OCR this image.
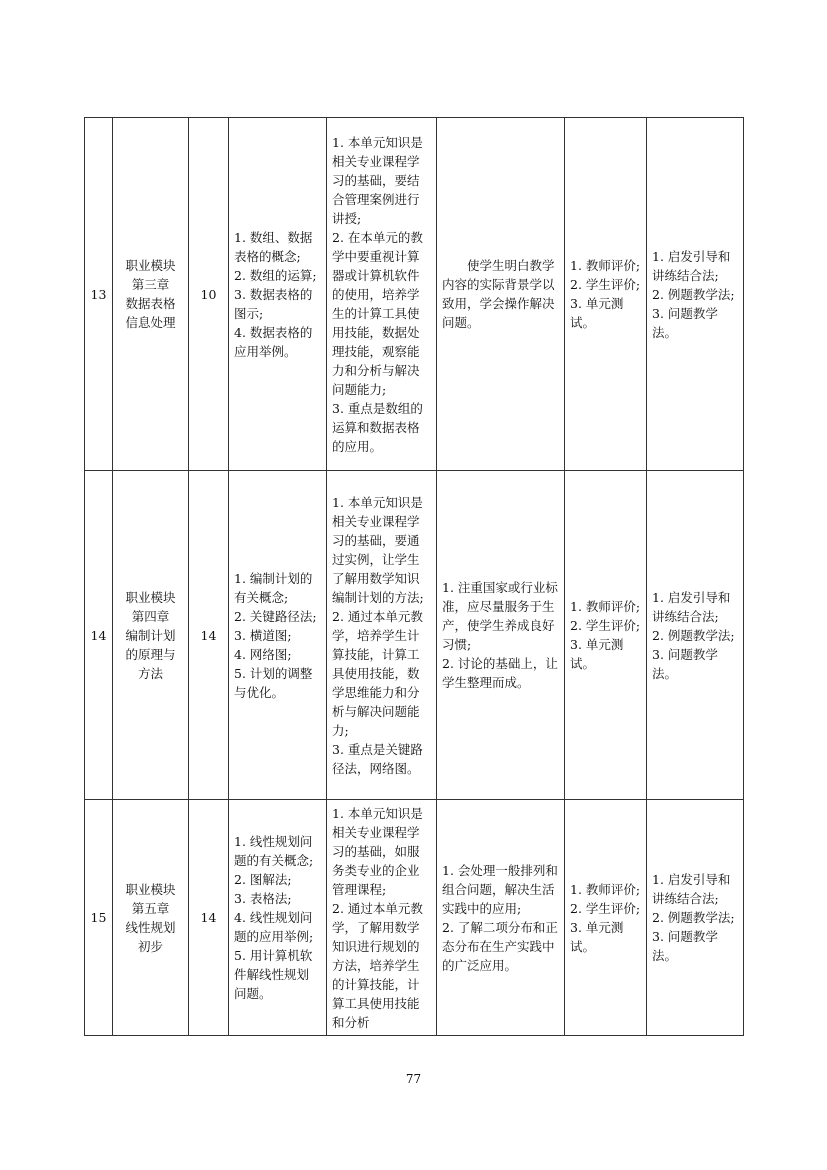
13	职业模块
第三章
数据表格
信息处理	10	1. 数组、数据表格的概念;
2. 数组的运算;
3. 数据表格的图示;
4. 数据表格的应用举例。	1. 本单元知识是相关专业课程学习的基础，要结合管理案例进行讲授;
2. 在本单元的教学中要重视计算器或计算机软件的使用，培养学生的计算工具使用技能，数据处理技能，观察能力和分析与解决问题能力;
3. 重点是数组的运算和数据表格的应用。	使学生明白教学内容的实际背景学以致用，学会操作解决问题。	1. 教师评价;
2. 学生评价;
3. 单元测试。	1. 启发引导和讲练结合法;
2. 例题教学法;
3. 问题教学法。

14	职业模块
第四章
编制计划
的原理与
方法	14	1. 编制计划的有关概念;
2. 关键路径法;
3. 横道图;
4. 网络图;
5. 计划的调整与优化。	1. 本单元知识是相关专业课程学习的基础，要通过实例，让学生了解用数学知识编制计划的方法;
2. 通过本单元教学，培养学生计算技能，计算工具使用技能，数学思维能力和分析与解决问题能力;
3. 重点是关键路径法，网络图。	1. 注重国家或行业标准，应尽量服务于生产，使学生养成良好习惯;
2. 讨论的基础上，让学生整理而成。	1. 教师评价;
2. 学生评价;
3. 单元测试。	1. 启发引导和讲练结合法;
2. 例题教学法;
3. 问题教学法。

15	职业模块
第五章
线性规划
初步	14	1. 线性规划问题的有关概念;
2. 图解法;
3. 表格法;
4. 线性规划问题的应用举例;
5. 用计算机软件解线性规划问题。	1. 本单元知识是相关专业课程学习的基础，如服务类专业的企业管理课程;
2. 通过本单元教学，了解用数学知识进行规划的方法，培养学生的计算技能，计算工具使用技能和分析	1. 会处理一般排列和组合问题，解决生活实践中的应用;
2. 了解二项分布和正态分布在生产实践中的广泛应用。	1. 教师评价;
2. 学生评价;
3. 单元测试。	1. 启发引导和讲练结合法;
2. 例题教学法;
3. 问题教学法。
77
